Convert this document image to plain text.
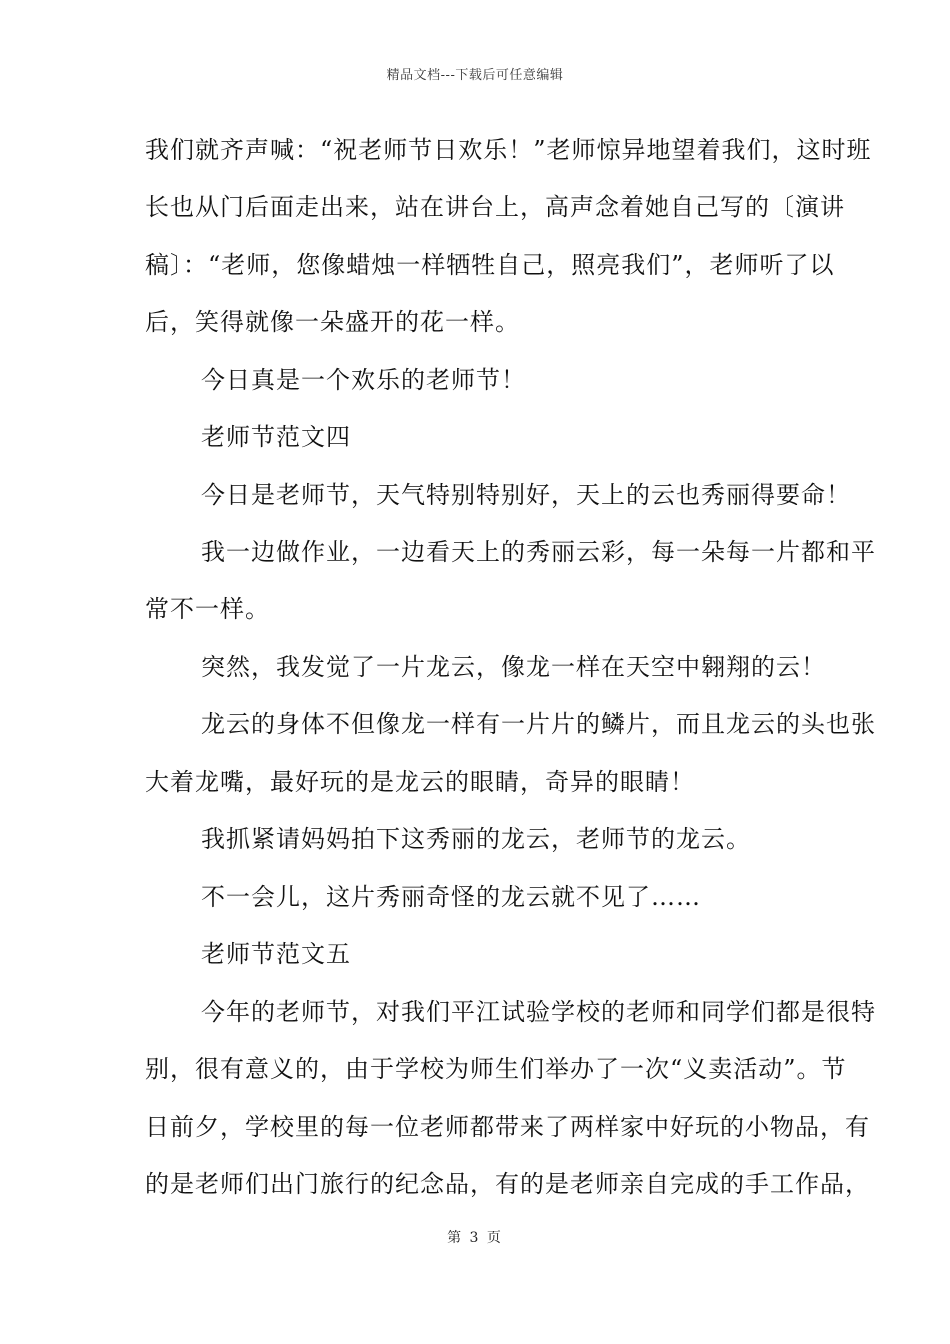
精品文档---下载后可任意编辑
我们就齐声喊：“祝老师节日欢乐！”老师惊异地望着我们，这时班
长也从门后面走出来，站在讲台上，高声念着她自己写的〔演讲
稿〕：“老师，您像蜡烛一样牺牲自己，照亮我们”，老师听了以
后，笑得就像一朵盛开的花一样。
今日真是一个欢乐的老师节！
老师节范文四
今日是老师节，天气特别特别好，天上的云也秀丽得要命！
我一边做作业，一边看天上的秀丽云彩，每一朵每一片都和平
常不一样。
突然，我发觉了一片龙云，像龙一样在天空中翱翔的云！
龙云的身体不但像龙一样有一片片的鳞片，而且龙云的头也张
大着龙嘴，最好玩的是龙云的眼睛，奇异的眼睛！
我抓紧请妈妈拍下这秀丽的龙云，老师节的龙云。
不一会儿，这片秀丽奇怪的龙云就不见了……
老师节范文五
今年的老师节，对我们平江试验学校的老师和同学们都是很特
别，很有意义的，由于学校为师生们举办了一次“义卖活动”。节
日前夕，学校里的每一位老师都带来了两样家中好玩的小物品，有
的是老师们出门旅行的纪念品，有的是老师亲自完成的手工作品，
第 3 页
